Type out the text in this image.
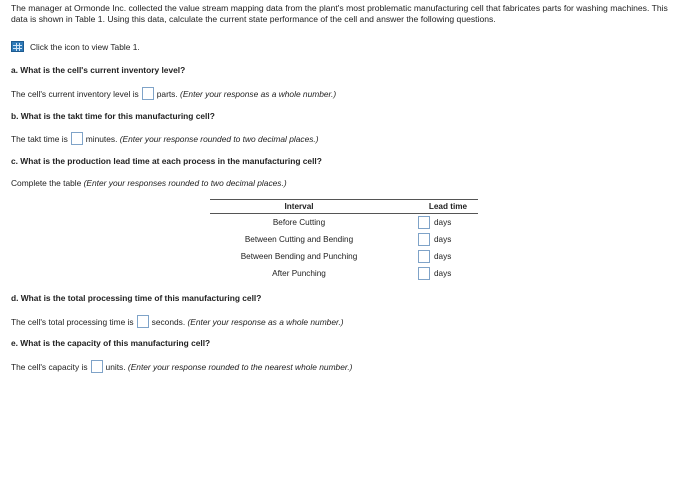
The manager at Ormonde Inc. collected the value stream mapping data from the plant's most problematic manufacturing cell that fabricates parts for washing machines. This data is shown in Table 1. Using this data, calculate the current state performance of the cell and answer the following questions.
Click the icon to view Table 1.
a. What is the cell's current inventory level?
The cell's current inventory level is parts.
(Enter your response as a whole number.)
b. What is the takt time for this manufacturing cell?
The takt time is minutes.
(Enter your response rounded to two decimal places.)
c. What is the production lead time at each process in the manufacturing cell?
Complete the table
(Enter your responses rounded to two decimal places.)
Interval		Lead time
Before Cutting		days

Between Cutting and Bending		days

Between Bending and Punching		days

After Punching		days
d. What is the total processing time of this manufacturing cell?
The cell's total processing time is seconds.
(Enter your response as a whole number.)
e. What is the capacity of this manufacturing cell?
The cell's capacity is units.
(Enter your response rounded to the nearest whole number.)
